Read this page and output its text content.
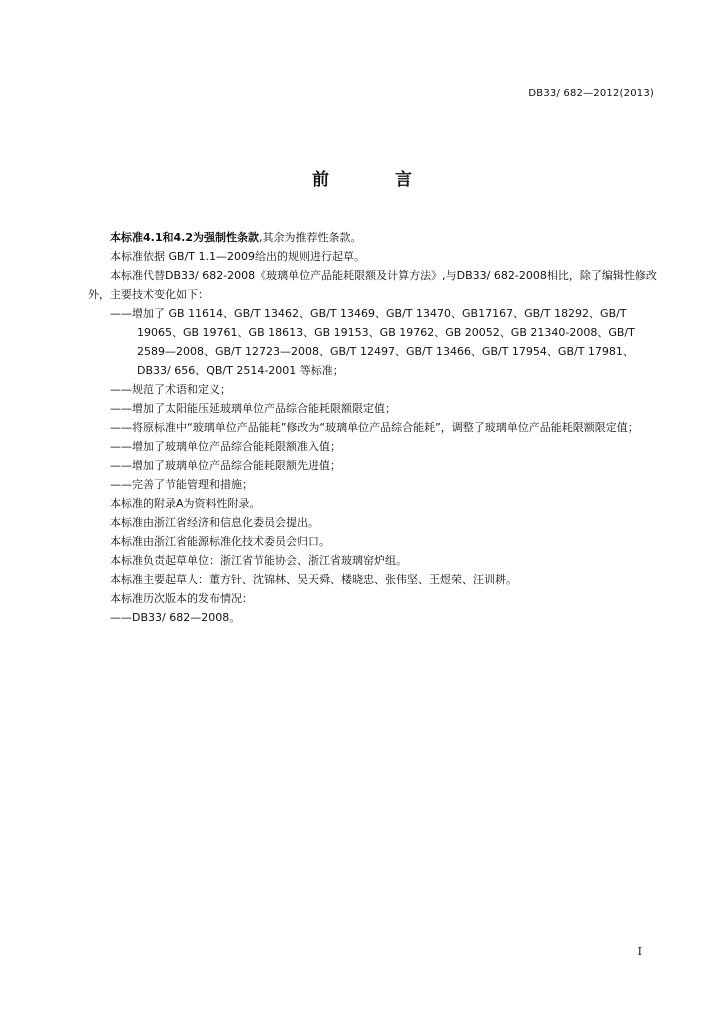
DB33/ 682—2012(2013)
前 言

本标准4.1和4.2为强制性条款,其余为推荐性条款。

本标准依据 GB/T 1.1—2009给出的规则进行起草。

本标准代替DB33/ 682-2008《玻璃单位产品能耗限额及计算方法》,与DB33/ 682-2008相比，除了编辑性修改外，主要技术变化如下：

——增加了 GB 11614、GB/T 13462、GB/T 13469、GB/T 13470、GB17167、GB/T 18292、GB/T 19065、GB 19761、GB 18613、GB 19153、GB 19762、GB 20052、GB 21340-2008、GB/T 2589—2008、GB/T 12723—2008、GB/T 12497、GB/T 13466、GB/T 17954、GB/T 17981、DB33/ 656、QB/T 2514-2001 等标准；

——规范了术语和定义；

——增加了太阳能压延玻璃单位产品综合能耗限额限定值；

——将原标准中“玻璃单位产品能耗”修改为“玻璃单位产品综合能耗”，调整了玻璃单位产品能耗限额限定值；

——增加了玻璃单位产品综合能耗限额准入值；

——增加了玻璃单位产品综合能耗限额先进值；

——完善了节能管理和措施；

本标准的附录A为资料性附录。

本标准由浙江省经济和信息化委员会提出。

本标准由浙江省能源标准化技术委员会归口。

本标准负责起草单位：浙江省节能协会、浙江省玻璃窑炉组。

本标准主要起草人：董方针、沈锦林、吴天舜、楼晓忠、张伟坚、王煜荣、汪训耕。

本标准历次版本的发布情况：

——DB33/ 682—2008。

I
